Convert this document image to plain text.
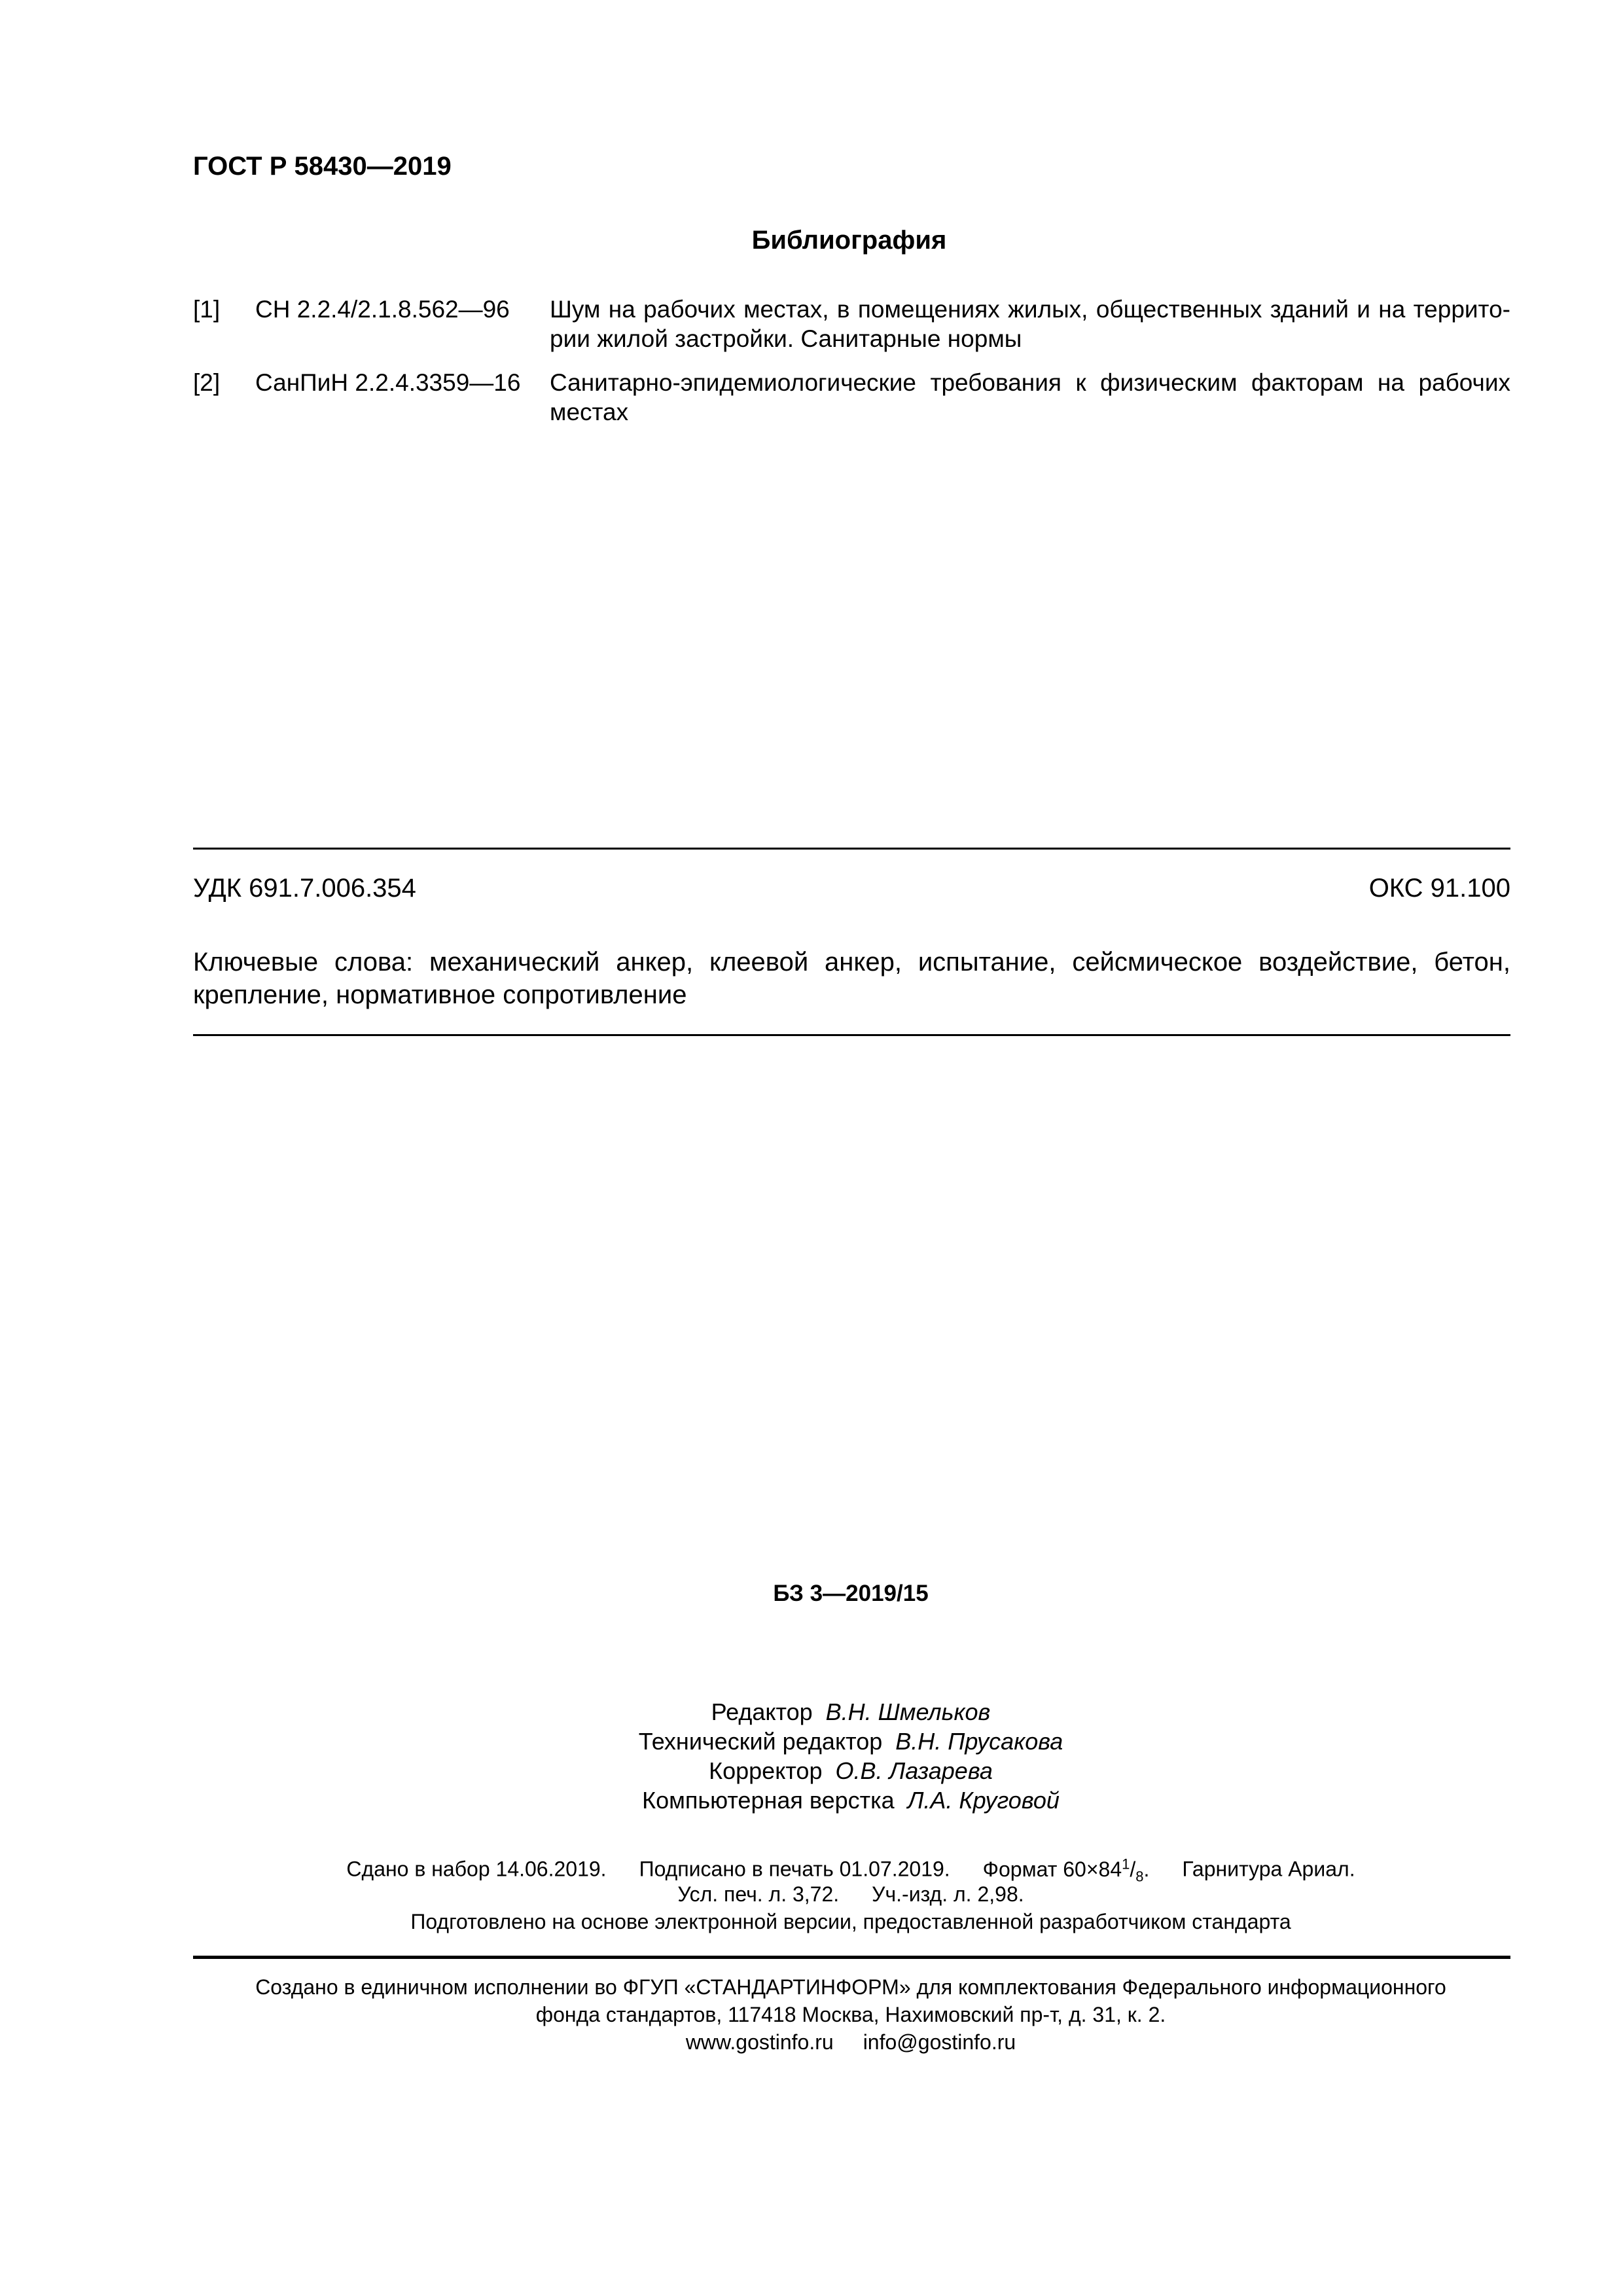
ГОСТ Р 58430—2019
Библиография
[1] СН 2.2.4/2.1.8.562—96 Шум на рабочих местах, в помещениях жилых, общественных зданий и на террито-рии жилой застройки. Санитарные нормы
[2] СанПиН 2.2.4.3359—16 Санитарно-эпидемиологические требования к физическим факторам на рабочих местах
УДК 691.7.006.354	ОКС 91.100
Ключевые слова: механический анкер, клеевой анкер, испытание, сейсмическое воздействие, бетон, крепление, нормативное сопротивление
БЗ 3—2019/15
Редактор В.Н. Шмельков
Технический редактор В.Н. Прусакова
Корректор О.В. Лазарева
Компьютерная верстка Л.А. Круговой
Сдано в набор 14.06.2019. Подписано в печать 01.07.2019. Формат $60\times 84^1/_8$. Гарнитура Ариал.
Усл. печ. л. 3,72. Уч.-изд. л. 2,98.
Подготовлено на основе электронной версии, предоставленной разработчиком стандарта
Создано в единичном исполнении во ФГУП «СТАНДАРТИНФОРМ» для комплектования Федерального информационного
фонда стандартов, 117418 Москва, Нахимовский пр-т, д. 31, к. 2.
www.gostinfo.ru info@gostinfo.ru
